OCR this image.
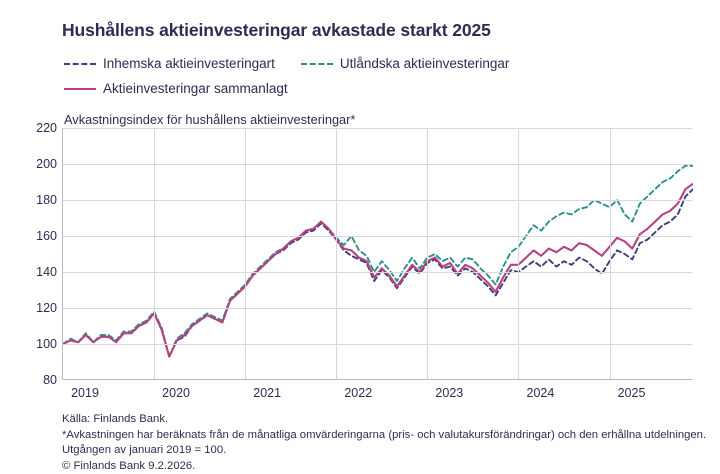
Hushållens aktieinvesteringar avkastade starkt 2025
Inhemska aktieinvesteringart	Utlåndska aktieinvesteringar
Aktieinvesteringar sammanlagt
Avkastningsindex för hushållens aktieinvesteringar*
80
100
120
140
160
180
200
220
2019	2020	2021	2022	2023	2024	2025
Källa: Finlands Bank.
*Avkastningen har beräknats från de månatliga omvärderingarna (pris- och valutakursförändringar) och den erhållna utdelningen.
Utgången av januari 2019 = 100.
© Finlands Bank 9.2.2026.
